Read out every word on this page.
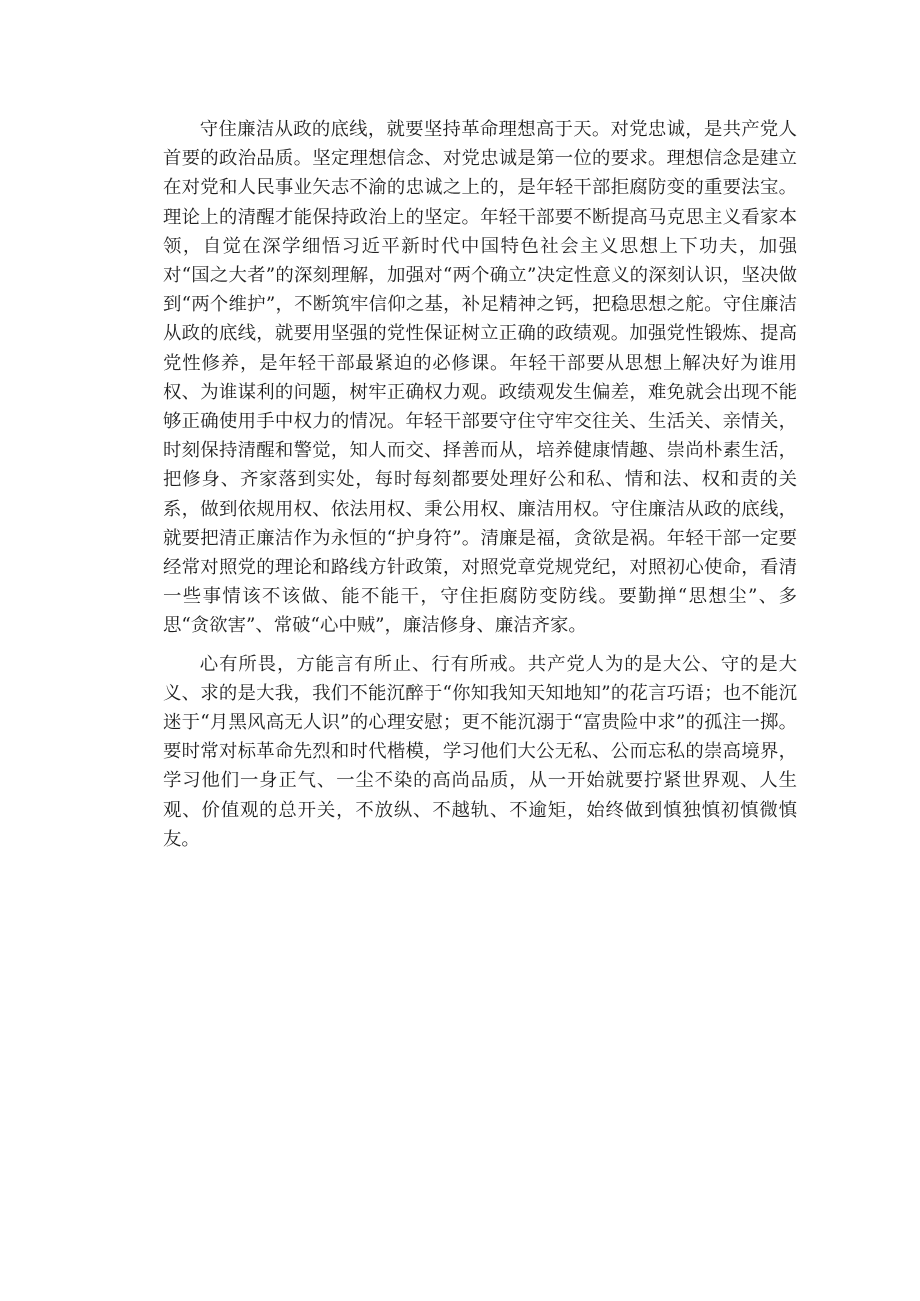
守住廉洁从政的底线，就要坚持革命理想高于天。对党忠诚，是共产党人首要的政治品质。坚定理想信念、对党忠诚是第一位的要求。理想信念是建立在对党和人民事业矢志不渝的忠诚之上的，是年轻干部拒腐防变的重要法宝。理论上的清醒才能保持政治上的坚定。年轻干部要不断提高马克思主义看家本领，自觉在深学细悟习近平新时代中国特色社会主义思想上下功夫，加强对“国之大者”的深刻理解，加强对“两个确立”决定性意义的深刻认识，坚决做到“两个维护”，不断筑牢信仰之基，补足精神之钙，把稳思想之舵。守住廉洁从政的底线，就要用坚强的党性保证树立正确的政绩观。加强党性锻炼、提高党性修养，是年轻干部最紧迫的必修课。年轻干部要从思想上解决好为谁用权、为谁谋利的问题，树牢正确权力观。政绩观发生偏差，难免就会出现不能够正确使用手中权力的情况。年轻干部要守住守牢交往关、生活关、亲情关，时刻保持清醒和警觉，知人而交、择善而从，培养健康情趣、崇尚朴素生活，把修身、齐家落到实处，每时每刻都要处理好公和私、情和法、权和责的关系，做到依规用权、依法用权、秉公用权、廉洁用权。守住廉洁从政的底线，就要把清正廉洁作为永恒的“护身符”。清廉是福，贪欲是祸。年轻干部一定要经常对照党的理论和路线方针政策，对照党章党规党纪，对照初心使命，看清一些事情该不该做、能不能干，守住拒腐防变防线。要勤掸“思想尘”、多思“贪欲害”、常破“心中贼”，廉洁修身、廉洁齐家。

心有所畏，方能言有所止、行有所戒。共产党人为的是大公、守的是大义、求的是大我，我们不能沉醉于“你知我知天知地知”的花言巧语；也不能沉迷于“月黑风高无人识”的心理安慰；更不能沉溺于“富贵险中求”的孤注一掷。要时常对标革命先烈和时代楷模，学习他们大公无私、公而忘私的崇高境界，学习他们一身正气、一尘不染的高尚品质，从一开始就要拧紧世界观、人生观、价值观的总开关，不放纵、不越轨、不逾矩，始终做到慎独慎初慎微慎友。
